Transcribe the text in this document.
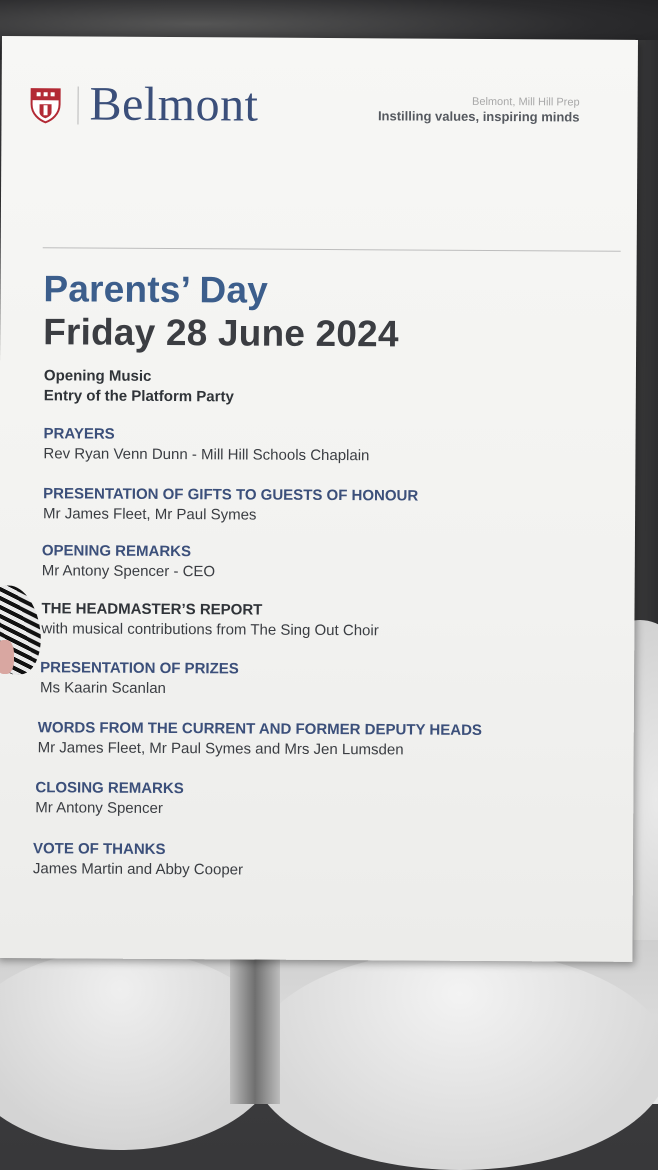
Belmont	Belmont, Mill Hill Prep
Instilling values, inspiring minds
Parents’ Day
Friday 28 June 2024
Opening Music
Entry of the Platform Party
PRAYERS
Rev Ryan Venn Dunn - Mill Hill Schools Chaplain
PRESENTATION OF GIFTS TO GUESTS OF HONOUR
Mr James Fleet, Mr Paul Symes
OPENING REMARKS
Mr Antony Spencer - CEO
THE HEADMASTER’S REPORT
with musical contributions from The Sing Out Choir
PRESENTATION OF PRIZES
Ms Kaarin Scanlan
WORDS FROM THE CURRENT AND FORMER DEPUTY HEADS
Mr James Fleet, Mr Paul Symes and Mrs Jen Lumsden
CLOSING REMARKS
Mr Antony Spencer
VOTE OF THANKS
James Martin and Abby Cooper
